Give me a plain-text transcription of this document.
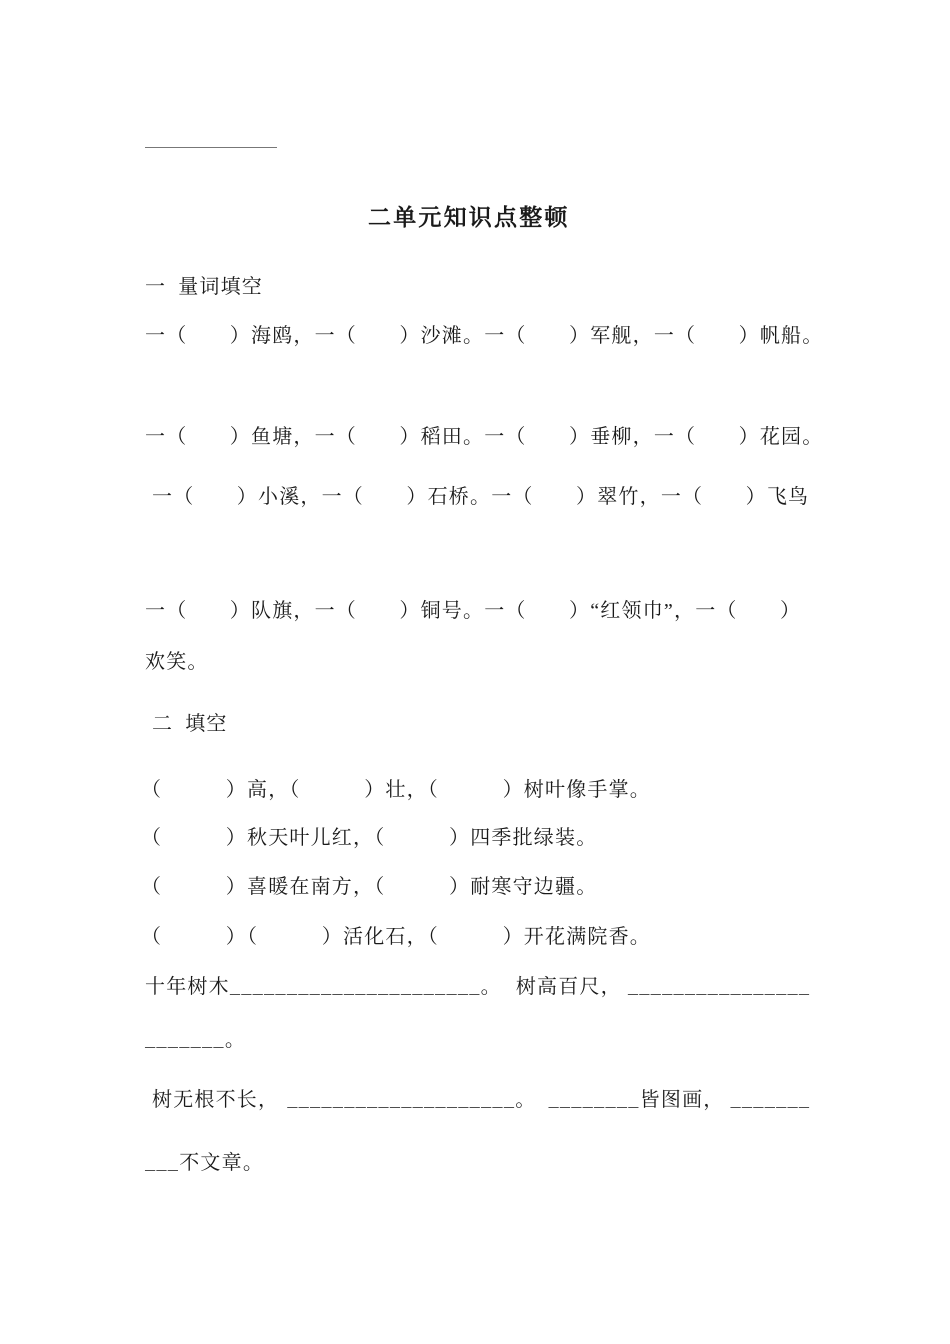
二单元知识点整顿
一 量词填空
一（　　）海鸥， 一（　　）沙滩。 一（　　）军舰， 一（　　）帆船。
一（　　）鱼塘， 一（　　）稻田。 一（　　）垂柳， 一（　　）花园。
一（　　）小溪， 一（　　）石桥。 一（　　）翠竹， 一（　　）飞鸟
一（　　）队旗， 一（　　）铜号。 一（　　）“红领巾”， 一（　　）
欢笑。
二 填空
（　　　）高，（　　　）壮，（　　　）树叶像手掌。
（　　　）秋天叶儿红，（　　　）四季批绿装。
（　　　）喜暖在南方，（　　　）耐寒守边疆。
（　　　）（　　　）活化石，（　　　）开花满院香。
十年树木 ______________________ 。 树高百尺， ________________
_______ 。
树无根不长， ____________________ 。 ________ 皆图画， _______
___ 不文章。
